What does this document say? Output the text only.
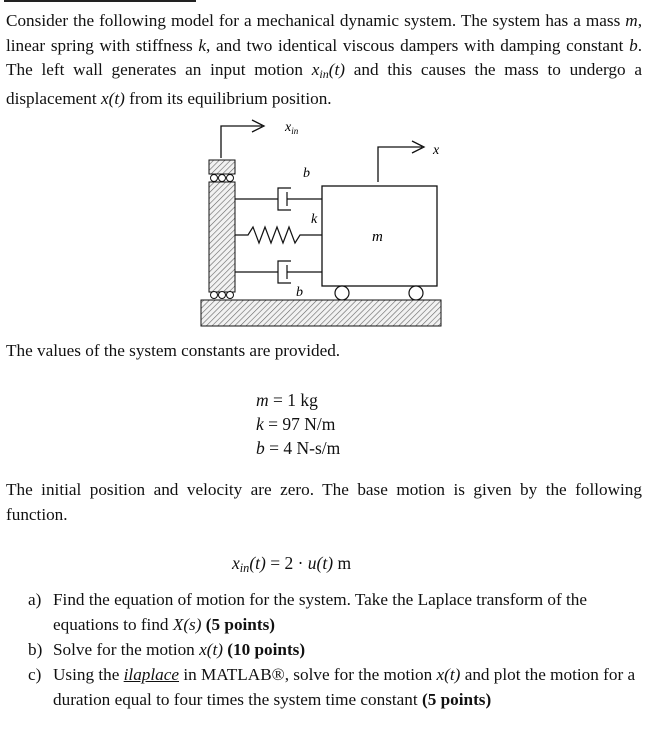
Consider the following model for a mechanical dynamic system. The system has a mass m, linear spring with stiffness k, and two identical viscous dampers with damping constant b. The left wall generates an input motion $x_{in}(t)$ and this causes the mass to undergo a displacement x(t) from its equilibrium position.
$x_{in}$
x
b
k
b
m
The values of the system constants are provided.
m = 1 kg
k = 97 N/m
b = 4 N-s/m
The initial position and velocity are zero. The base motion is given by the following function.
$x_{in}(t) = 2 \cdot u(t)$ m
a) Find the equation of motion for the system. Take the Laplace transform of the equations to find X(s) (5 points)
b) Solve for the motion x(t) (10 points)
c) Using the ilaplace in MATLAB®, solve for the motion x(t) and plot the motion for a duration equal to four times the system time constant (5 points)
